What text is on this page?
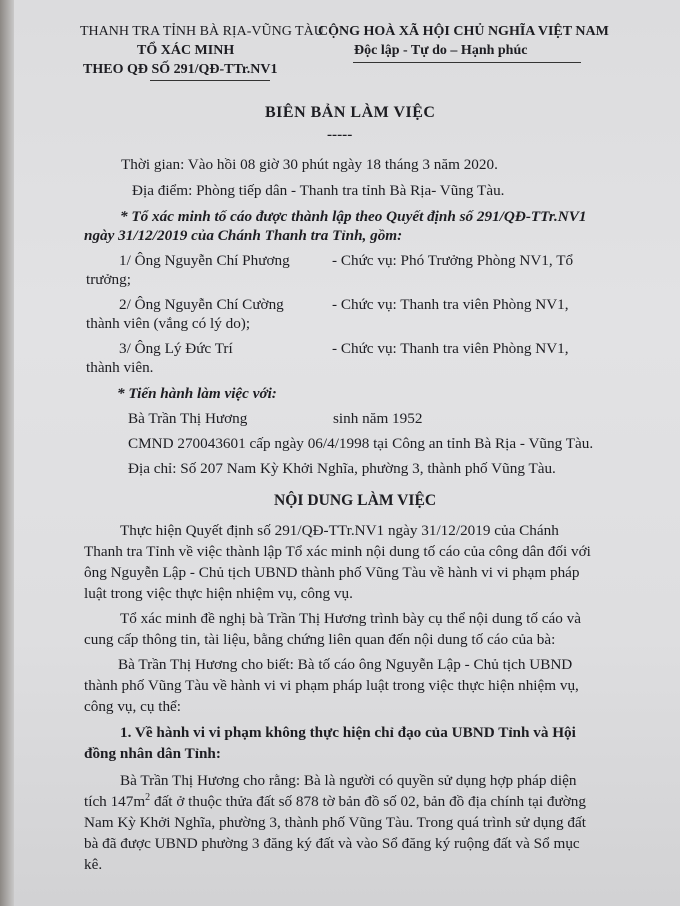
THANH TRA TỈNH BÀ RỊA-VŨNG TÀU
TỔ XÁC MINH
THEO QĐ SỐ 291/QĐ-TTr.NV1
CỘNG HOÀ XÃ HỘI CHỦ NGHĨA VIỆT NAM
Độc lập - Tự do – Hạnh phúc
BIÊN BẢN LÀM VIỆC
-----
Thời gian: Vào hồi 08 giờ 30 phút ngày 18 tháng 3 năm 2020.
Địa điểm: Phòng tiếp dân - Thanh tra tỉnh Bà Rịa- Vũng Tàu.
* Tổ xác minh tố cáo được thành lập theo Quyết định số 291/QĐ-TTr.NV1
ngày 31/12/2019 của Chánh Thanh tra Tỉnh, gồm:
1/ Ông Nguyễn Chí Phương	- Chức vụ: Phó Trưởng Phòng NV1, Tổ
trưởng;
2/ Ông Nguyễn Chí Cường	- Chức vụ: Thanh tra viên Phòng NV1,
thành viên (vắng có lý do);
3/ Ông Lý Đức Trí	- Chức vụ: Thanh tra viên Phòng NV1,
thành viên.
* Tiến hành làm việc với:
Bà Trần Thị Hương	sinh năm 1952
CMND 270043601 cấp ngày 06/4/1998 tại Công an tỉnh Bà Rịa - Vũng Tàu.
Địa chỉ: Số 207 Nam Kỳ Khởi Nghĩa, phường 3, thành phố Vũng Tàu.
NỘI DUNG LÀM VIỆC
Thực hiện Quyết định số 291/QĐ-TTr.NV1 ngày 31/12/2019 của Chánh
Thanh tra Tỉnh về việc thành lập Tổ xác minh nội dung tố cáo của công dân đối với
ông Nguyễn Lập - Chủ tịch UBND thành phố Vũng Tàu về hành vi vi phạm pháp
luật trong việc thực hiện nhiệm vụ, công vụ.
Tổ xác minh đề nghị bà Trần Thị Hương trình bày cụ thể nội dung tố cáo và
cung cấp thông tin, tài liệu, bằng chứng liên quan đến nội dung tố cáo của bà:
Bà Trần Thị Hương cho biết: Bà tố cáo ông Nguyễn Lập - Chủ tịch UBND
thành phố Vũng Tàu về hành vi vi phạm pháp luật trong việc thực hiện nhiệm vụ,
công vụ, cụ thể:
1. Về hành vi vi phạm không thực hiện chỉ đạo của UBND Tỉnh và Hội
đồng nhân dân Tỉnh:
Bà Trần Thị Hương cho rằng: Bà là người có quyền sử dụng hợp pháp diện
tích $147m^2$ đất ở thuộc thửa đất số 878 tờ bản đồ số 02, bản đồ địa chính tại đường
Nam Kỳ Khởi Nghĩa, phường 3, thành phố Vũng Tàu. Trong quá trình sử dụng đất
bà đã được UBND phường 3 đăng ký đất và vào Sổ đăng ký ruộng đất và Sổ mục
kê.
